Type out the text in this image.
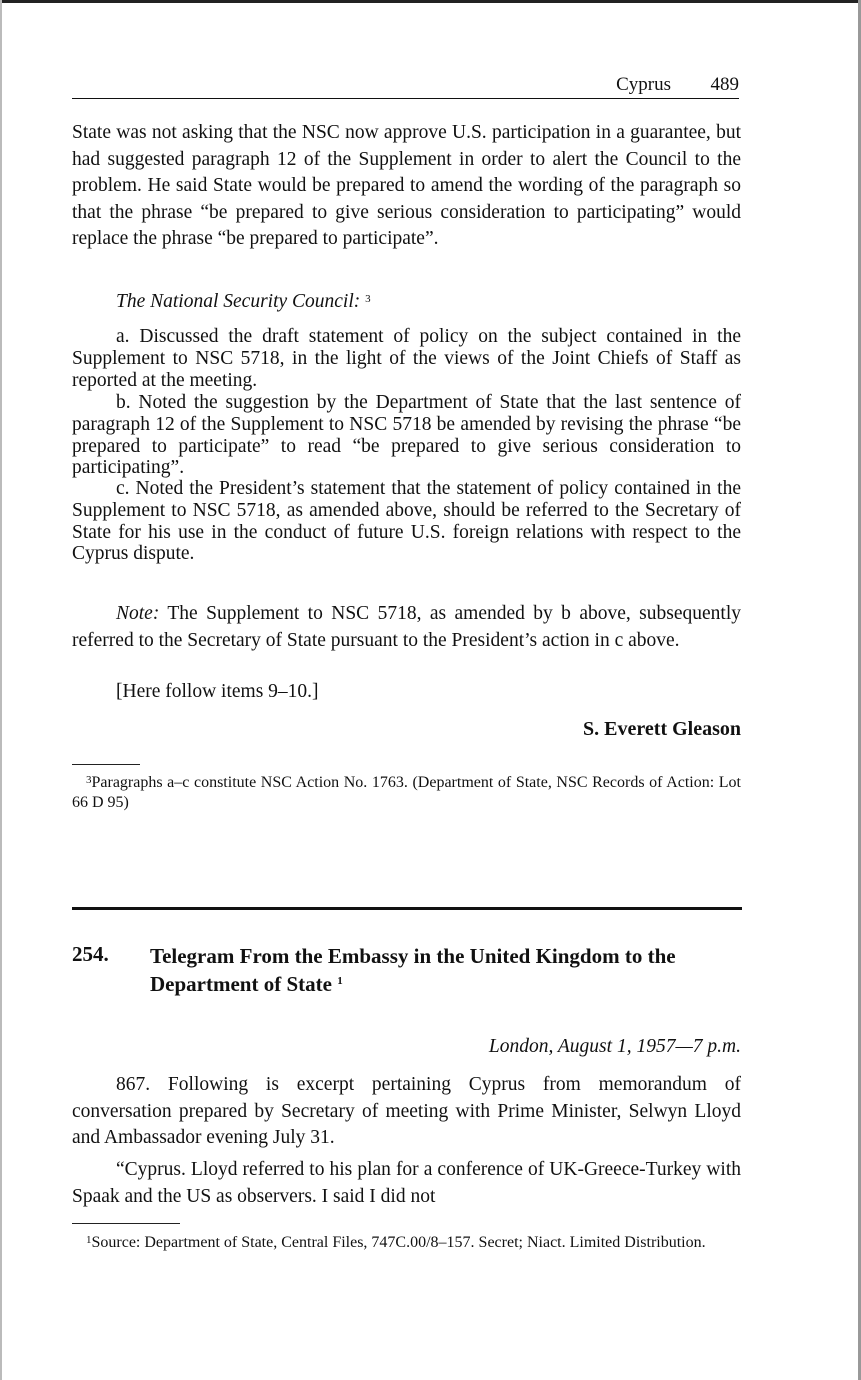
Cyprus 489

State was not asking that the NSC now approve U.S. participation in a guarantee, but had suggested paragraph 12 of the Supplement in order to alert the Council to the problem. He said State would be prepared to amend the wording of the paragraph so that the phrase “be prepared to give serious consideration to participating” would replace the phrase “be prepared to participate”.

The National Security Council: $^3$

a. Discussed the draft statement of policy on the subject contained in the Supplement to NSC 5718, in the light of the views of the Joint Chiefs of Staff as reported at the meeting.

b. Noted the suggestion by the Department of State that the last sentence of paragraph 12 of the Supplement to NSC 5718 be amended by revising the phrase “be prepared to participate” to read “be prepared to give serious consideration to participating”.

c. Noted the President’s statement that the statement of policy contained in the Supplement to NSC 5718, as amended above, should be referred to the Secretary of State for his use in the conduct of future U.S. foreign relations with respect to the Cyprus dispute.

Note: The Supplement to NSC 5718, as amended by b above, subsequently referred to the Secretary of State pursuant to the President’s action in c above.

[Here follow items 9–10.]

S. Everett Gleason

$^3$Paragraphs a–c constitute NSC Action No. 1763. (Department of State, NSC Records of Action: Lot 66 D 95)

254. Telegram From the Embassy in the United Kingdom to the Department of State $^1$
London, August 1, 1957—7 p.m.

867. Following is excerpt pertaining Cyprus from memorandum of conversation prepared by Secretary of meeting with Prime Minister, Selwyn Lloyd and Ambassador evening July 31.

“Cyprus. Lloyd referred to his plan for a conference of UK-Greece-Turkey with Spaak and the US as observers. I said I did not

$^1$Source: Department of State, Central Files, 747C.00/8–157. Secret; Niact. Limited Distribution.
